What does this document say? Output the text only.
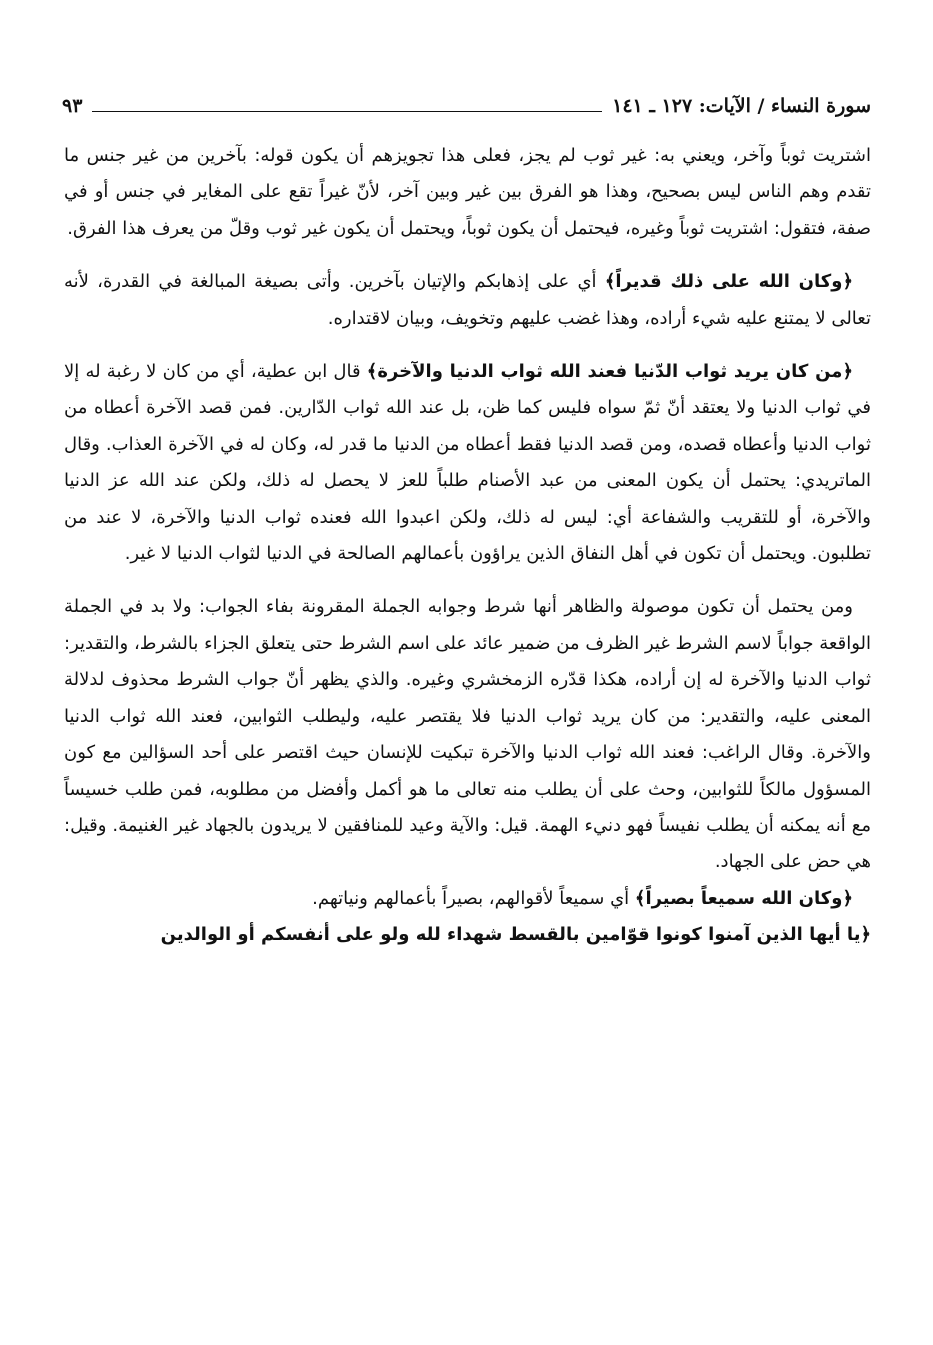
سورة النساء / الآيات: ١٢٧ ـ ١٤١
٩٣

اشتريت ثوباً وآخر، ويعني به: غير ثوب لم يجز، فعلى هذا تجويزهم أن يكون قوله: بآخرين من غير جنس ما تقدم وهم الناس ليس بصحيح، وهذا هو الفرق بين غير وبين آخر، لأنّ غيراً تقع على المغاير في جنس أو في صفة، فتقول: اشتريت ثوباً وغيره، فيحتمل أن يكون ثوباً، ويحتمل أن يكون غير ثوب وقلّ من يعرف هذا الفرق.

﴿وكان الله على ذلك قديراً﴾ أي على إذهابكم والإتيان بآخرين. وأتى بصيغة المبالغة في القدرة، لأنه تعالى لا يمتنع عليه شيء أراده، وهذا غضب عليهم وتخويف، وبيان لاقتداره.

﴿من كان يريد ثواب الدّنيا فعند الله ثواب الدنيا والآخرة﴾ قال ابن عطية، أي من كان لا رغبة له إلا في ثواب الدنيا ولا يعتقد أنّ ثمّ سواه فليس كما ظن، بل عند الله ثواب الدّارين. فمن قصد الآخرة أعطاه من ثواب الدنيا وأعطاه قصده، ومن قصد الدنيا فقط أعطاه من الدنيا ما قدر له، وكان له في الآخرة العذاب. وقال الماتريدي: يحتمل أن يكون المعنى من عبد الأصنام طلباً للعز لا يحصل له ذلك، ولكن عند الله عز الدنيا والآخرة، أو للتقريب والشفاعة أي: ليس له ذلك، ولكن اعبدوا الله فعنده ثواب الدنيا والآخرة، لا عند من تطلبون. ويحتمل أن تكون في أهل النفاق الذين يراؤون بأعمالهم الصالحة في الدنيا لثواب الدنيا لا غير.

ومن يحتمل أن تكون موصولة والظاهر أنها شرط وجوابه الجملة المقرونة بفاء الجواب: ولا بد في الجملة الواقعة جواباً لاسم الشرط غير الظرف من ضمير عائد على اسم الشرط حتى يتعلق الجزاء بالشرط، والتقدير: ثواب الدنيا والآخرة له إن أراده، هكذا قدّره الزمخشري وغيره. والذي يظهر أنّ جواب الشرط محذوف لدلالة المعنى عليه، والتقدير: من كان يريد ثواب الدنيا فلا يقتصر عليه، وليطلب الثوابين، فعند الله ثواب الدنيا والآخرة. وقال الراغب: فعند الله ثواب الدنيا والآخرة تبكيت للإنسان حيث اقتصر على أحد السؤالين مع كون المسؤول مالكاً للثوابين، وحث على أن يطلب منه تعالى ما هو أكمل وأفضل من مطلوبه، فمن طلب خسيساً مع أنه يمكنه أن يطلب نفيساً فهو دنيء الهمة. قيل: والآية وعيد للمنافقين لا يريدون بالجهاد غير الغنيمة. وقيل: هي حض على الجهاد.

﴿وكان الله سميعاً بصيراً﴾ أي سميعاً لأقوالهم، بصيراً بأعمالهم ونياتهم.

﴿يا أيها الذين آمنوا كونوا قوّامين بالقسط شهداء لله ولو على أنفسكم أو الوالدين
